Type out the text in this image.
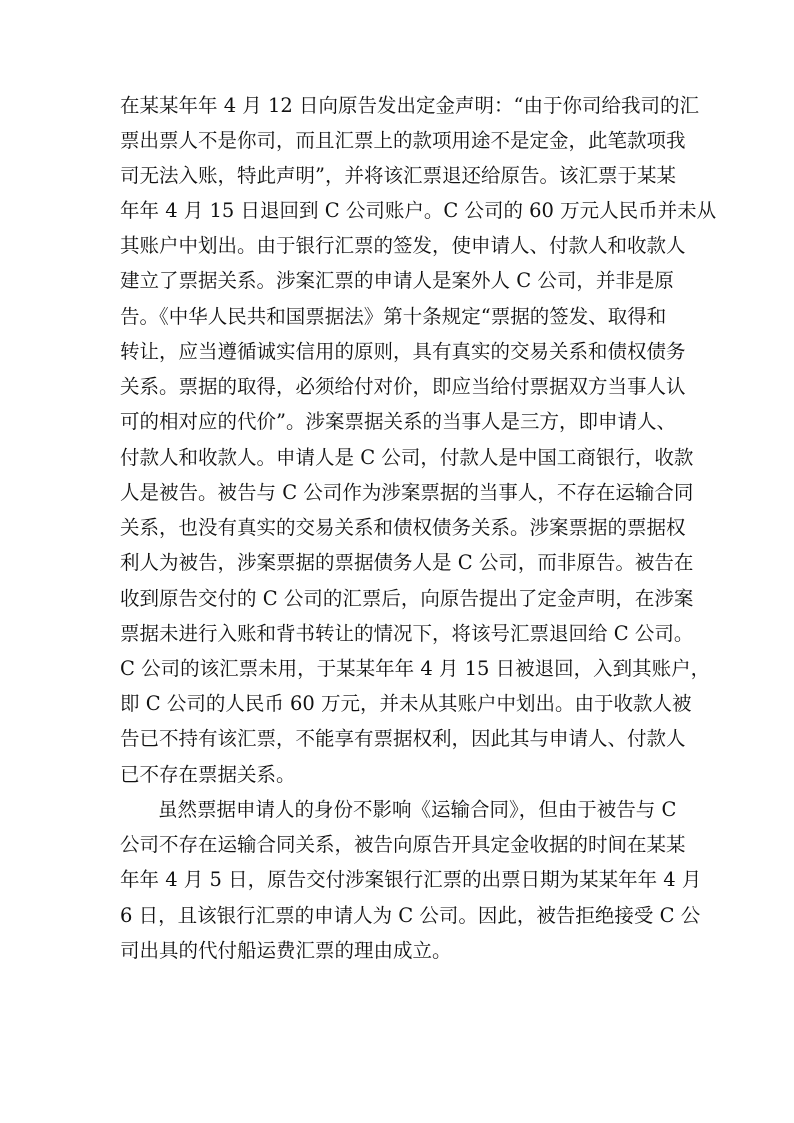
在某某年年 4 月 12 日向原告发出定金声明：“由于你司给我司的汇
票出票人不是你司，而且汇票上的款项用途不是定金，此笔款项我
司无法入账，特此声明”，并将该汇票退还给原告。该汇票于某某
年年 4 月 15 日退回到 C 公司账户。C 公司的 60 万元人民币并未从
其账户中划出。由于银行汇票的签发，使申请人、付款人和收款人
建立了票据关系。涉案汇票的申请人是案外人 C 公司，并非是原
告。《中华人民共和国票据法》第十条规定“票据的签发、取得和
转让，应当遵循诚实信用的原则，具有真实的交易关系和债权债务
关系。票据的取得，必须给付对价，即应当给付票据双方当事人认
可的相对应的代价”。涉案票据关系的当事人是三方，即申请人、
付款人和收款人。申请人是 C 公司，付款人是中国工商银行，收款
人是被告。被告与 C 公司作为涉案票据的当事人，不存在运输合同
关系，也没有真实的交易关系和债权债务关系。涉案票据的票据权
利人为被告，涉案票据的票据债务人是 C 公司，而非原告。被告在
收到原告交付的 C 公司的汇票后，向原告提出了定金声明，在涉案
票据未进行入账和背书转让的情况下，将该号汇票退回给 C 公司。
C 公司的该汇票未用，于某某年年 4 月 15 日被退回，入到其账户，
即 C 公司的人民币 60 万元，并未从其账户中划出。由于收款人被
告已不持有该汇票，不能享有票据权利，因此其与申请人、付款人
已不存在票据关系。
虽然票据申请人的身份不影响《运输合同》，但由于被告与 C
公司不存在运输合同关系，被告向原告开具定金收据的时间在某某
年年 4 月 5 日，原告交付涉案银行汇票的出票日期为某某年年 4 月
6 日，且该银行汇票的申请人为 C 公司。因此，被告拒绝接受 C 公
司出具的代付船运费汇票的理由成立。
